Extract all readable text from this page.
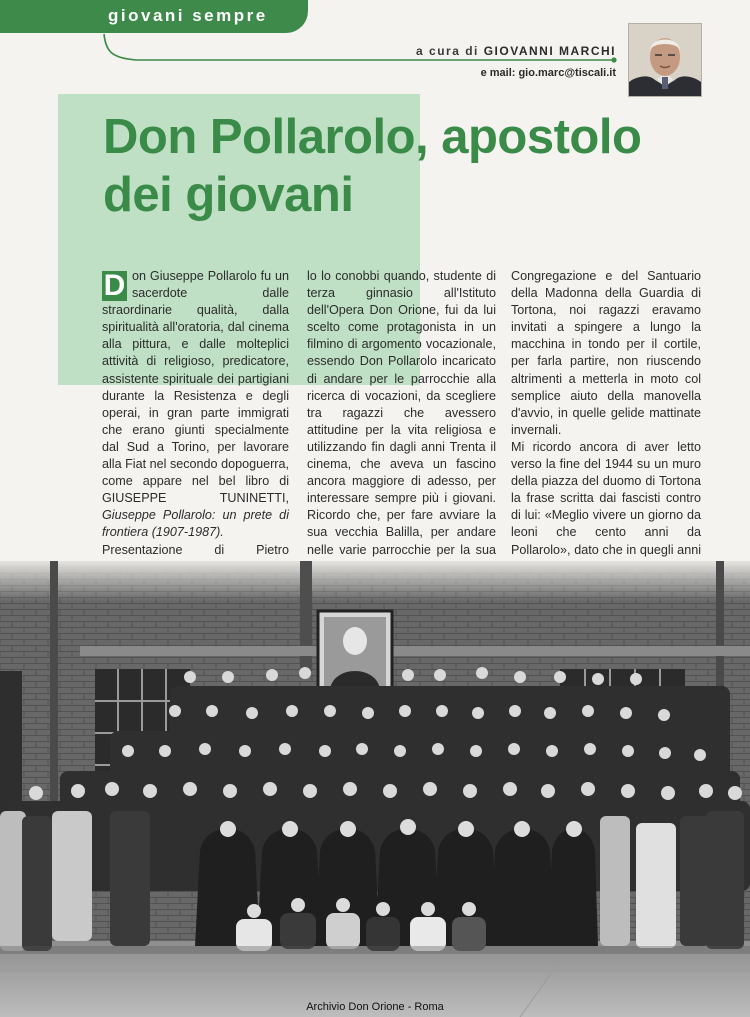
giovani sempre
a cura di GIOVANNI MARCHI
e mail: gio.marc@tiscali.it
Don Pollarolo, apostolo
dei giovani

D on Giuseppe Pollarolo fu un sacerdote dalle straordinarie qualità, dalla spiritualità all'oratoria, dal cinema alla pittura, e dalle molteplici attività di religioso, predicatore, assistente spirituale dei partigiani durante la Resistenza e degli operai, in gran parte immigrati che erano giunti specialmente dal Sud a Torino, per lavorare alla Fiat nel secondo dopoguerra, come appare nel bel libro di GIUSEPPE TUNINETTI, Giuseppe Pollarolo: un prete di frontiera (1907-1987).

Presentazione di Pietro

lo lo conobbi quando, studente di terza ginnasio all'Istituto dell'Opera Don Orione, fui da lui scelto come protagonista in un filmino di argomento vocazionale, essendo Don Pollarolo incaricato di andare per le parrocchie alla ricerca di vocazioni, da scegliere tra ragazzi che avessero attitudine per la vita religiosa e utilizzando fin dagli anni Trenta il cinema, che aveva un fascino ancora maggiore di adesso, per interessare sempre più i giovani. Ricordo che, per fare avviare la sua vecchia Balilla, per andare nelle varie parrocchie per la sua

Congregazione e del Santuario della Madonna della Guardia di Tortona, noi ragazzi eravamo invitati a spingere a lungo la macchina in tondo per il cortile, per farla partire, non riuscendo altrimenti a metterla in moto col semplice aiuto della manovella d'avvio, in quelle gelide mattinate invernali.

Mi ricordo ancora di aver letto verso la fine del 1944 su un muro della piazza del duomo di Tortona la frase scritta dai fascisti contro di lui: «Meglio vivere un giorno da leoni che cento anni da Pollarolo», dato che in quegli anni

Archivio Don Orione - Roma
